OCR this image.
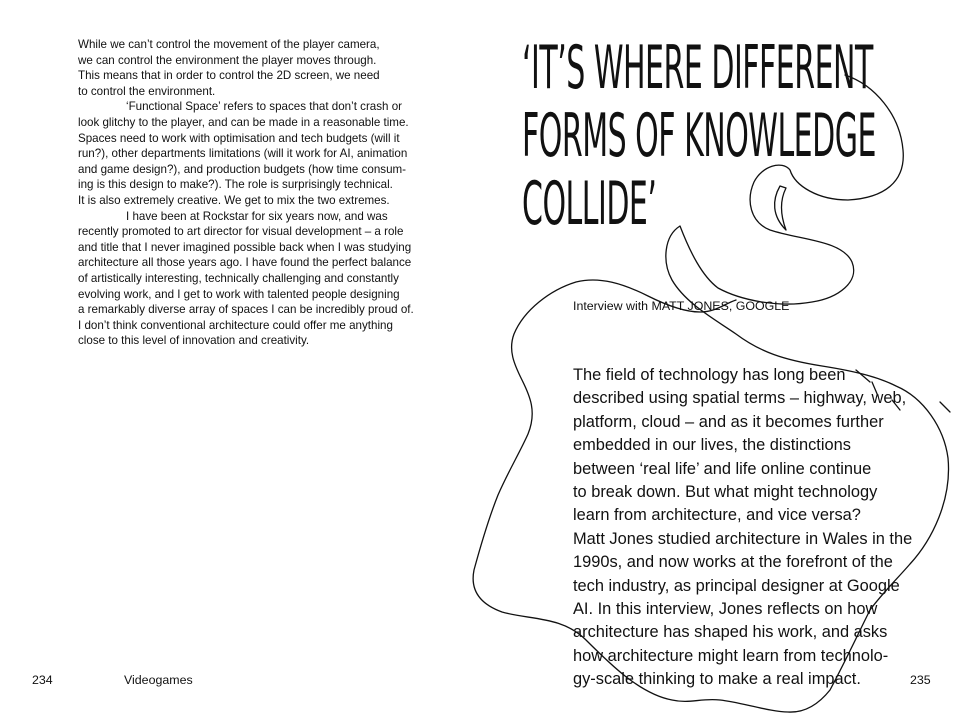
While we can’t control the movement of the player camera,
we can control the environment the player moves through.
This means that in order to control the 2D screen, we need
to control the environment.

‘Functional Space’ refers to spaces that don’t crash or
look glitchy to the player, and can be made in a reasonable time.
Spaces need to work with optimisation and tech budgets (will it
run?), other departments limitations (will it work for AI, animation
and game design?), and production budgets (how time consum-
ing is this design to make?). The role is surprisingly technical.
It is also extremely creative. We get to mix the two extremes.

I have been at Rockstar for six years now, and was
recently promoted to art director for visual development – a role
and title that I never imagined possible back when I was studying
architecture all those years ago. I have found the perfect balance
of artistically interesting, technically challenging and constantly
evolving work, and I get to work with talented people designing
a remarkably diverse array of spaces I can be incredibly proud of.
I don’t think conventional architecture could offer me anything
close to this level of innovation and creativity.

‘IT’S WHERE DIFFERENT
FORMS OF KNOWLEDGE
COLLIDE’
Interview with MATT JONES, GOOGLE
The field of technology has long been
described using spatial terms – highway, web,
platform, cloud – and as it becomes further
embedded in our lives, the distinctions
between ‘real life’ and life online continue
to break down. But what might technology
learn from architecture, and vice versa?
Matt Jones studied architecture in Wales in the
1990s, and now works at the forefront of the
tech industry, as principal designer at Google
AI. In this interview, Jones reflects on how
architecture has shaped his work, and asks
how architecture might learn from technolo-
gy-scale thinking to make a real impact.
234	Videogames	235
